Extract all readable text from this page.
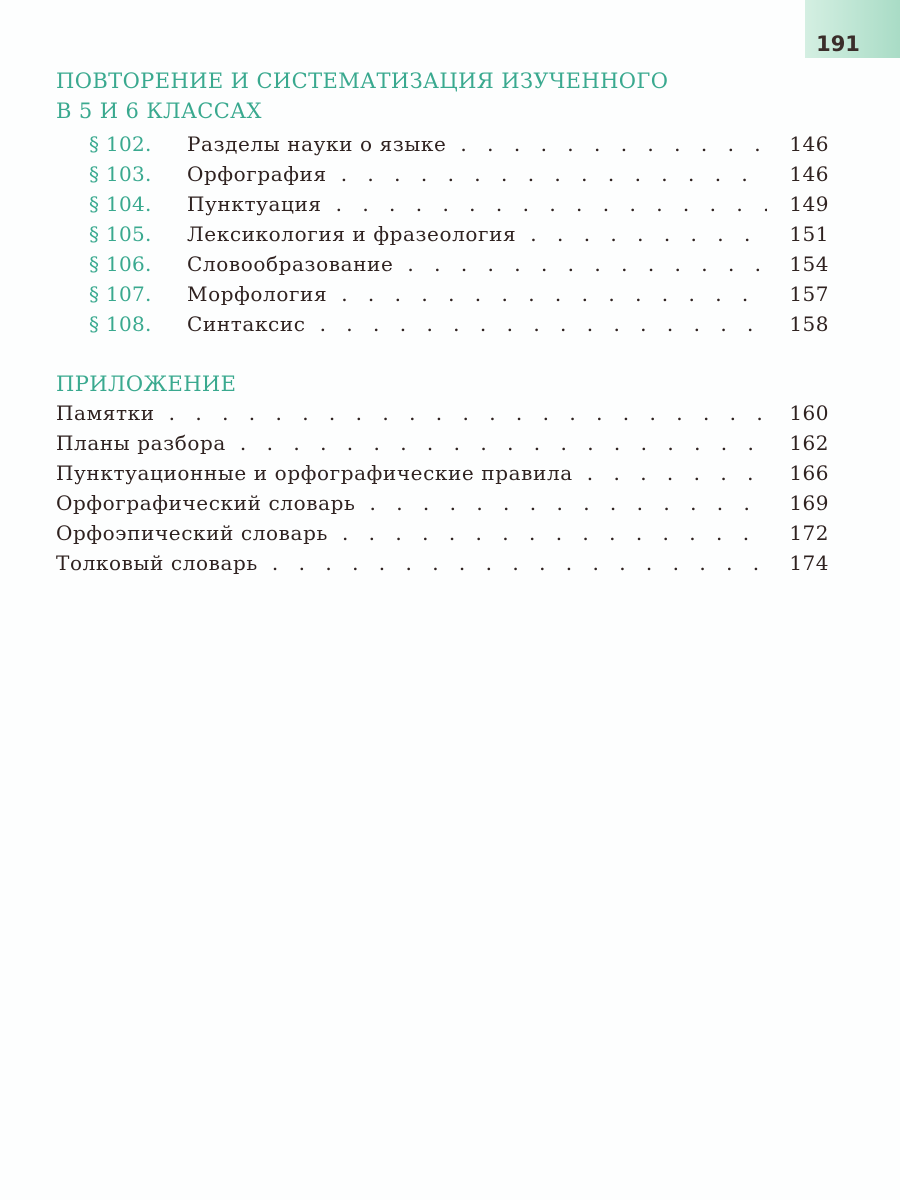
191
ПОВТОРЕНИЕ И СИСТЕМАТИЗАЦИЯ ИЗУЧЕННОГО
В 5 И 6 КЛАССАХ
ПРИЛОЖЕНИЕ
§ 102.	Разделы науки о языке . . .	146
§ 103.	Орфография . . .	146
§ 104.	Пунктуация . . .	149
§ 105.	Лексикология и фразеология . . .	151
§ 106.	Словообразование . . .	154
§ 107.	Морфология . . .	157
§ 108.	Синтаксис . . .	158
Памятки . . .	160
Планы разбора . . .	162
Пунктуационные и орфографические правила . . .	166
Орфографический словарь . . .	169
Орфоэпический словарь . . .	172
Толковый словарь . . .	174
